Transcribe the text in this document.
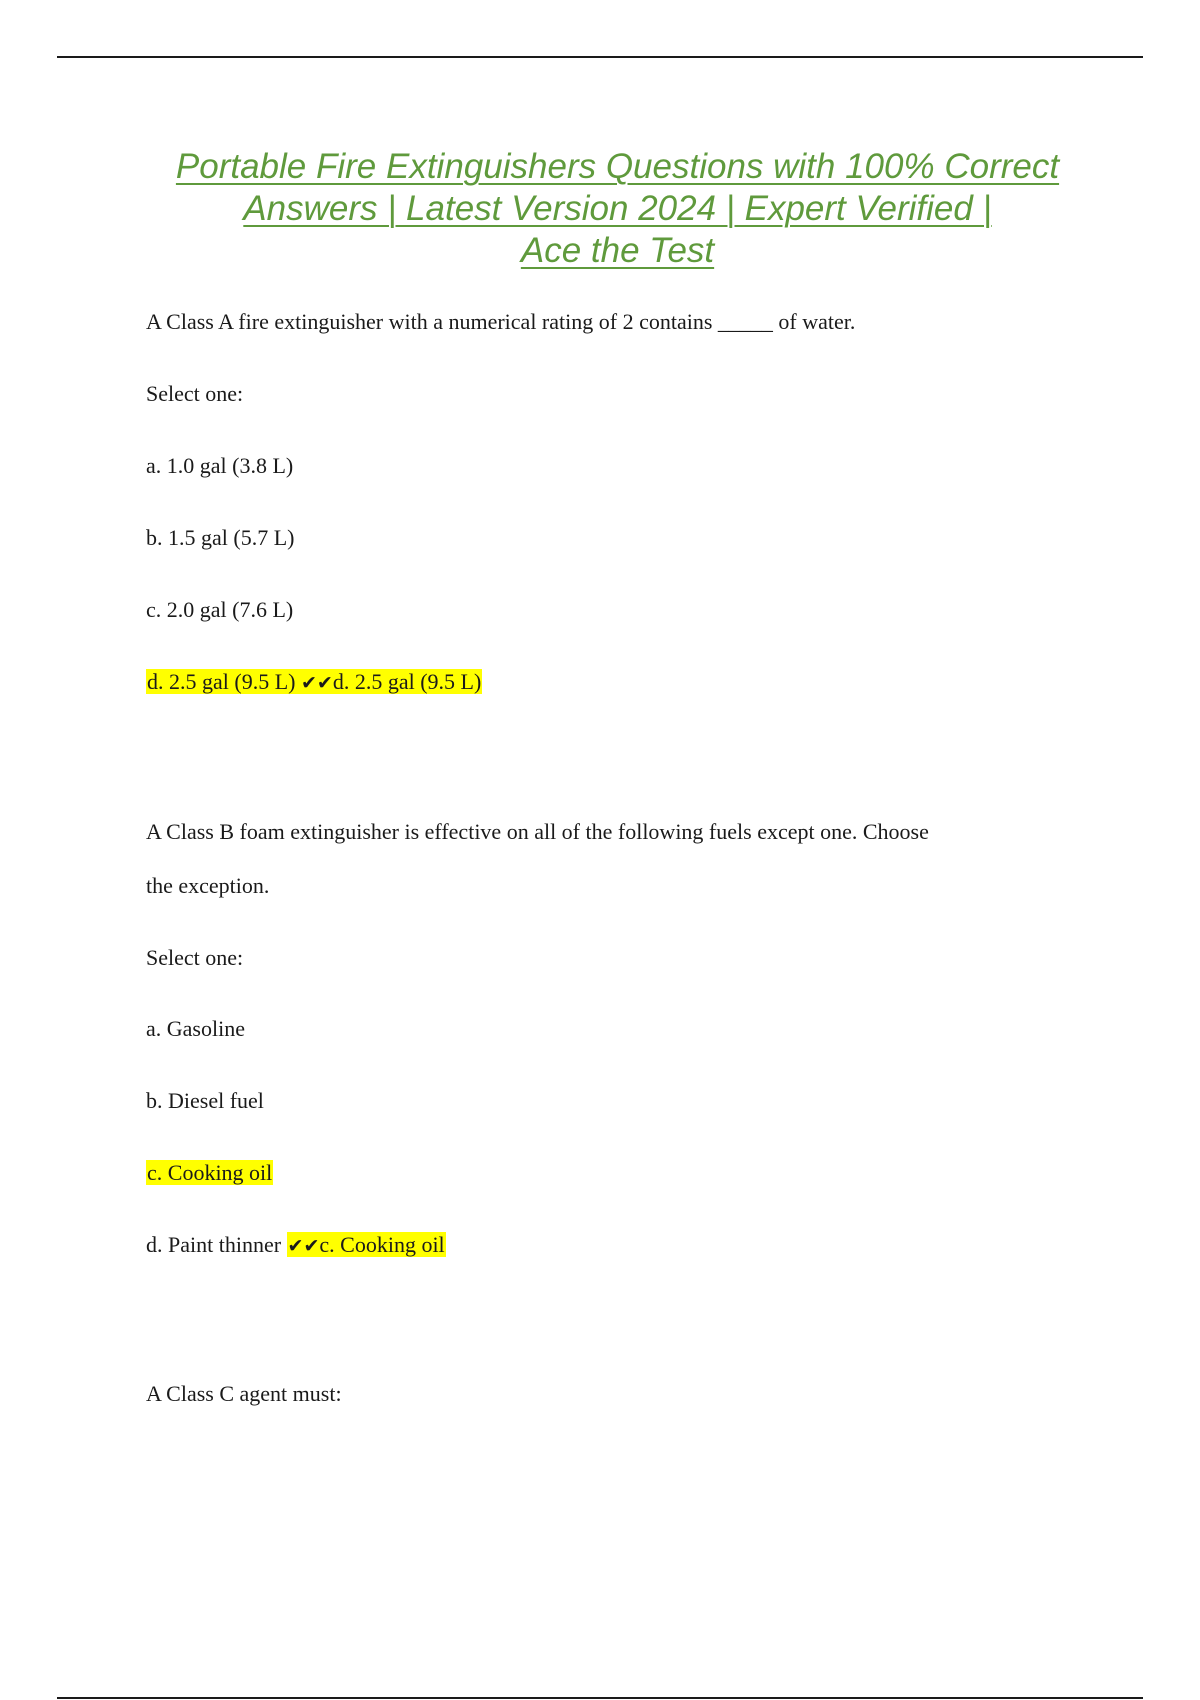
Portable Fire Extinguishers Questions with 100% Correct
Answers | Latest Version 2024 | Expert Verified |
Ace the Test
A Class A fire extinguisher with a numerical rating of 2 contains _____ of water.
Select one:
a. 1.0 gal (3.8 L)
b. 1.5 gal (5.7 L)
c. 2.0 gal (7.6 L)
d. 2.5 gal (9.5 L) ✔✔d. 2.5 gal (9.5 L)
A Class B foam extinguisher is effective on all of the following fuels except one. Choose
the exception.
Select one:
a. Gasoline
b. Diesel fuel
c. Cooking oil
d. Paint thinner ✔✔c. Cooking oil
A Class C agent must:
